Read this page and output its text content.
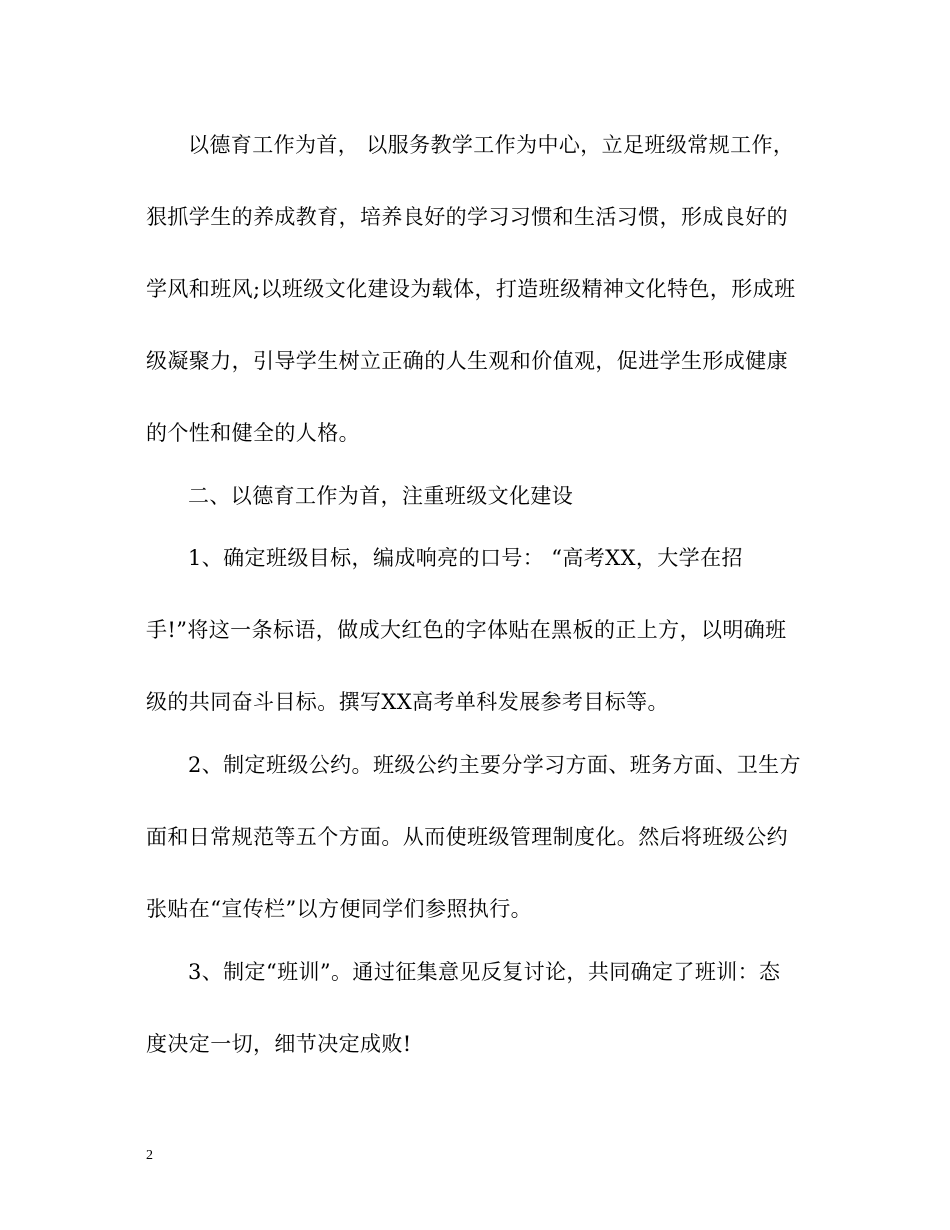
以德育工作为首， 以服务教学工作为中心，立足班级常规工作，
狠抓学生的养成教育，培养良好的学习习惯和生活习惯，形成良好的
学风和班风;以班级文化建设为载体，打造班级精神文化特色，形成班
级凝聚力，引导学生树立正确的人生观和价值观，促进学生形成健康
的个性和健全的人格。
二、以德育工作为首，注重班级文化建设
1、确定班级目标，编成响亮的口号： “高考XX，大学在招
手!”将这一条标语，做成大红色的字体贴在黑板的正上方，以明确班
级的共同奋斗目标。撰写XX高考单科发展参考目标等。
2、制定班级公约。班级公约主要分学习方面、班务方面、卫生方
面和日常规范等五个方面。从而使班级管理制度化。然后将班级公约
张贴在“宣传栏”以方便同学们参照执行。
3、制定“班训”。通过征集意见反复讨论，共同确定了班训：态
度决定一切，细节决定成败!
2
